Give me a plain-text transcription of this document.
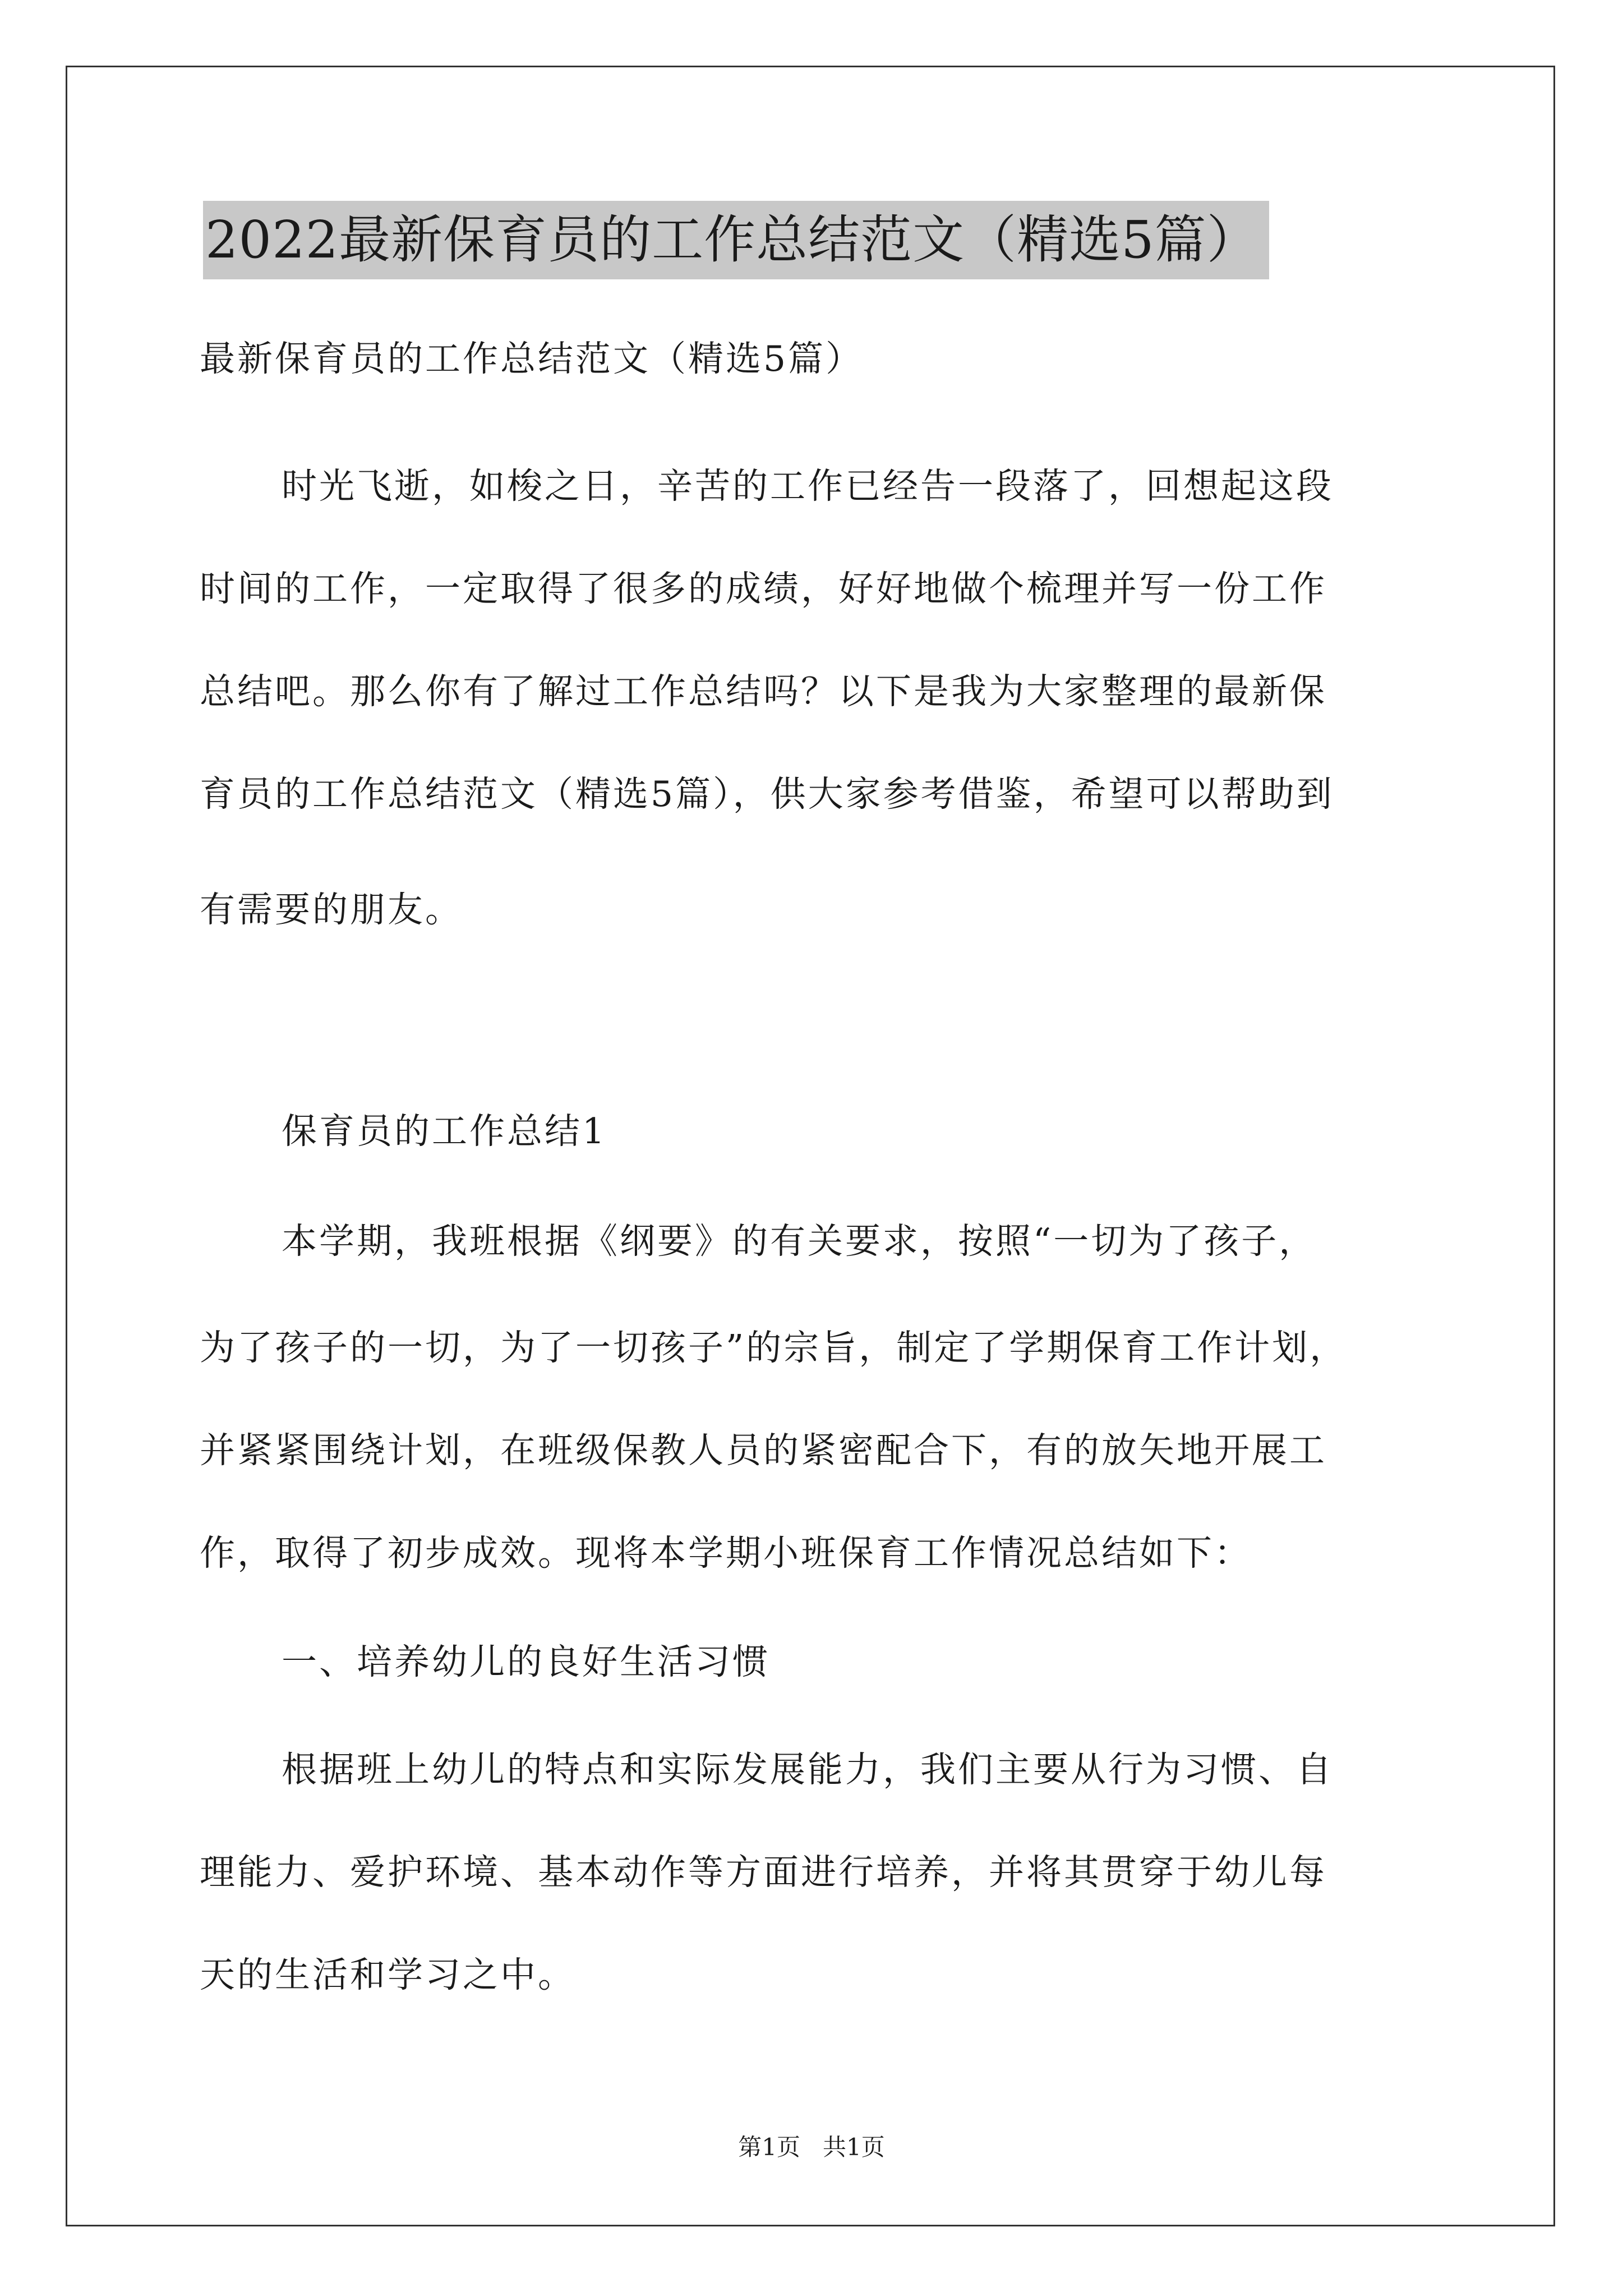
2022最新保育员的工作总结范文（精选5篇）
最新保育员的工作总结范文（精选5篇）
时光飞逝，如梭之日，辛苦的工作已经告一段落了，回想起这段
时间的工作，一定取得了很多的成绩，好好地做个梳理并写一份工作
总结吧。那么你有了解过工作总结吗？以下是我为大家整理的最新保
育员的工作总结范文（精选5篇），供大家参考借鉴，希望可以帮助到
有需要的朋友。
保育员的工作总结1
本学期，我班根据《纲要》的有关要求，按照“一切为了孩子，
为了孩子的一切，为了一切孩子”的宗旨，制定了学期保育工作计划，
并紧紧围绕计划，在班级保教人员的紧密配合下，有的放矢地开展工
作，取得了初步成效。现将本学期小班保育工作情况总结如下：
一、培养幼儿的良好生活习惯
根据班上幼儿的特点和实际发展能力，我们主要从行为习惯、自
理能力、爱护环境、基本动作等方面进行培养，并将其贯穿于幼儿每
天的生活和学习之中。
第1页   共1页
